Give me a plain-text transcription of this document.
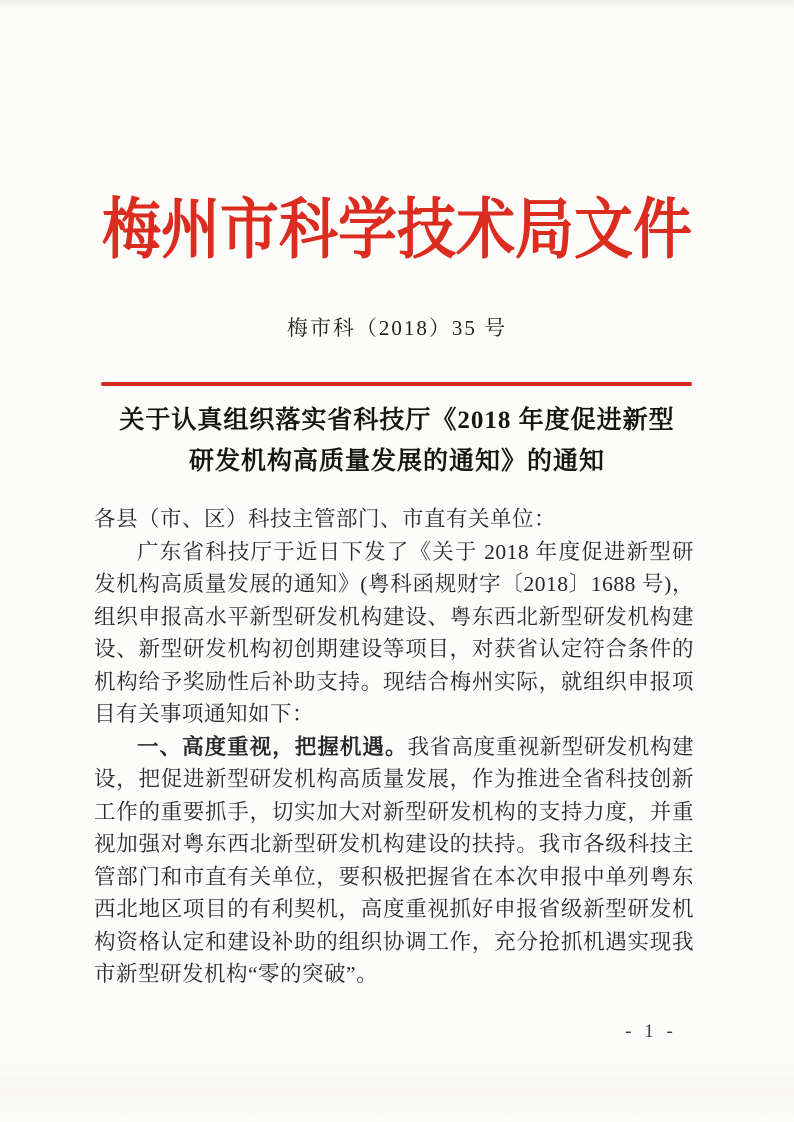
梅州市科学技术局文件
梅市科（2018）35 号
关于认真组织落实省科技厅《2018 年度促进新型
研发机构高质量发展的通知》的通知

各县（市、区）科技主管部门、市直有关单位：

广东省科技厅于近日下发了《关于 2018 年度促进新型研发机构高质量发展的通知》(粤科函规财字〔2018〕1688 号)，组织申报高水平新型研发机构建设、粤东西北新型研发机构建设、新型研发机构初创期建设等项目，对获省认定符合条件的机构给予奖励性后补助支持。现结合梅州实际，就组织申报项目有关事项通知如下：

一、高度重视，把握机遇。我省高度重视新型研发机构建设，把促进新型研发机构高质量发展，作为推进全省科技创新工作的重要抓手，切实加大对新型研发机构的支持力度，并重视加强对粤东西北新型研发机构建设的扶持。我市各级科技主管部门和市直有关单位，要积极把握省在本次申报中单列粤东西北地区项目的有利契机，高度重视抓好申报省级新型研发机构资格认定和建设补助的组织协调工作，充分抢抓机遇实现我市新型研发机构“零的突破”。

- 1 -
